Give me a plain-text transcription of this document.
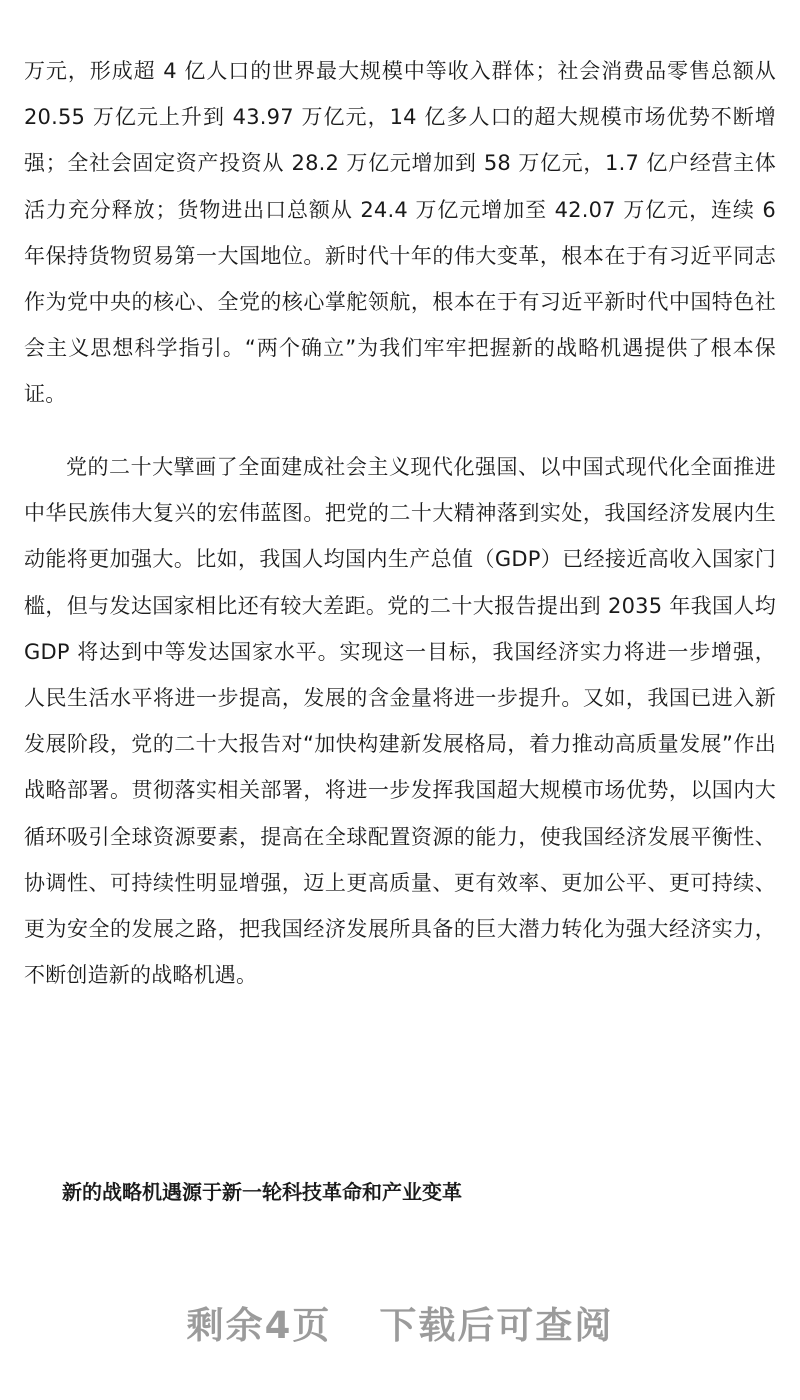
万元，形成超 4 亿人口的世界最大规模中等收入群体；社会消费品零售总额从 20.55 万亿元上升到 43.97 万亿元，14 亿多人口的超大规模市场优势不断增强；全社会固定资产投资从 28.2 万亿元增加到 58 万亿元，1.7 亿户经营主体活力充分释放；货物进出口总额从 24.4 万亿元增加至 42.07 万亿元，连续 6 年保持货物贸易第一大国地位。新时代十年的伟大变革，根本在于有习近平同志作为党中央的核心、全党的核心掌舵领航，根本在于有习近平新时代中国特色社会主义思想科学指引。“两个确立”为我们牢牢把握新的战略机遇提供了根本保证。

党的二十大擘画了全面建成社会主义现代化强国、以中国式现代化全面推进中华民族伟大复兴的宏伟蓝图。把党的二十大精神落到实处，我国经济发展内生动能将更加强大。比如，我国人均国内生产总值（GDP）已经接近高收入国家门槛，但与发达国家相比还有较大差距。党的二十大报告提出到 2035 年我国人均 GDP 将达到中等发达国家水平。实现这一目标，我国经济实力将进一步增强，人民生活水平将进一步提高，发展的含金量将进一步提升。又如，我国已进入新发展阶段，党的二十大报告对“加快构建新发展格局，着力推动高质量发展”作出战略部署。贯彻落实相关部署，将进一步发挥我国超大规模市场优势，以国内大循环吸引全球资源要素，提高在全球配置资源的能力，使我国经济发展平衡性、协调性、可持续性明显增强，迈上更高质量、更有效率、更加公平、更可持续、更为安全的发展之路，把我国经济发展所具备的巨大潜力转化为强大经济实力，不断创造新的战略机遇。

新的战略机遇源于新一轮科技革命和产业变革

剩余4页 下载后可查阅
